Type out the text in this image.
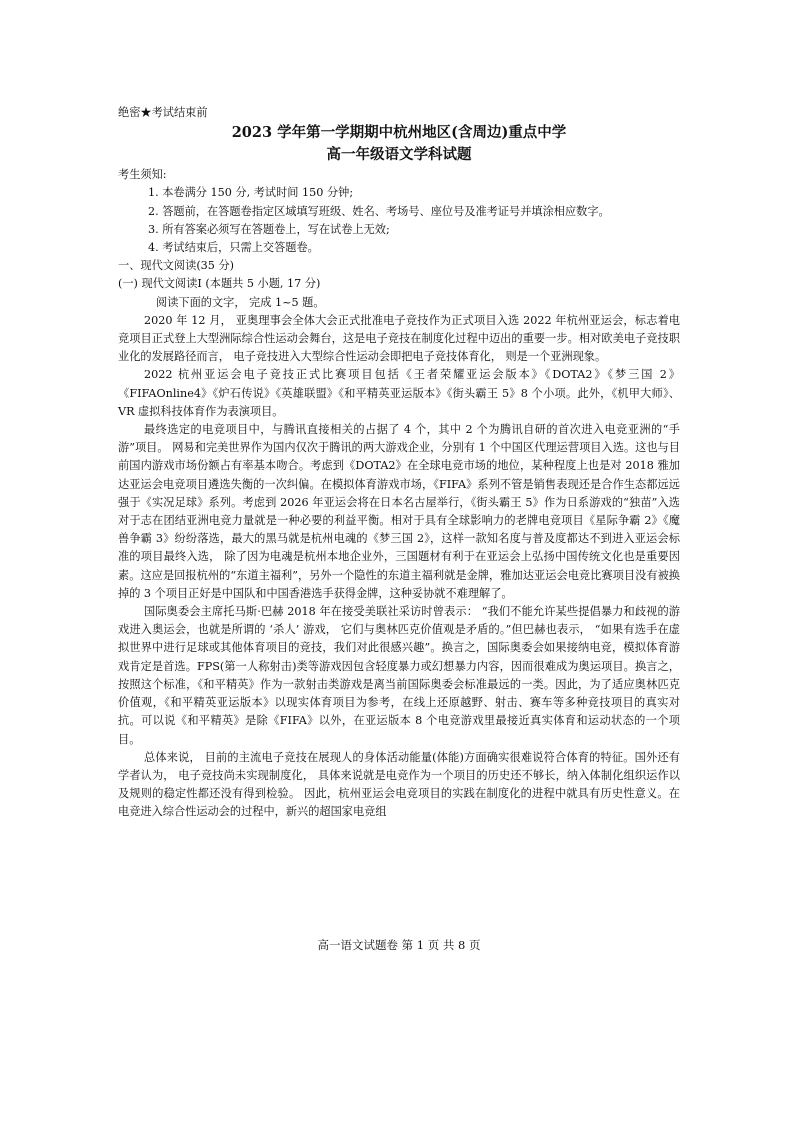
绝密★考试结束前

2023 学年第一学期期中杭州地区(含周边)重点中学

高一年级语文学科试题

考生须知:

1. 本卷满分 150 分, 考试时间 150 分钟;

2. 答题前，在答题卷指定区域填写班级、姓名、考场号、座位号及准考证号并填涂相应数字。

3. 所有答案必须写在答题卷上，写在试卷上无效;

4. 考试结束后，只需上交答题卷。

一、现代文阅读(35 分)

(一) 现代文阅读Ⅰ (本题共 5 小题, 17 分)

阅读下面的文字， 完成 1~5 题。

2020 年 12 月， 亚奥理事会全体大会正式批准电子竞技作为正式项目入选 2022 年杭州亚运会，标志着电竞项目正式登上大型洲际综合性运动会舞台，这是电子竞技在制度化过程中迈出的重要一步。相对欧美电子竞技职业化的发展路径而言， 电子竞技进入大型综合性运动会即把电子竞技体育化， 则是一个亚洲现象。

2022 杭州亚运会电子竞技正式比赛项目包括《王者荣耀亚运会版本》《DOTA2》《梦三国 2》《FIFAOnline4》《炉石传说》《英雄联盟》《和平精英亚运版本》《街头霸王 5》8 个小项。此外，《机甲大师》、VR 虚拟科技体育作为表演项目。

最终选定的电竞项目中，与腾讯直接相关的占据了 4 个，其中 2 个为腾讯自研的首次进入电竞亚洲的“手游”项目。 网易和完美世界作为国内仅次于腾讯的两大游戏企业，分别有 1 个中国区代理运营项目入选。这也与目前国内游戏市场份额占有率基本吻合。考虑到《DOTA2》在全球电竞市场的地位，某种程度上也是对 2018 雅加达亚运会电竞项目遴选失衡的一次纠偏。在模拟体育游戏市场，《FIFA》系列不管是销售表现还是合作生态都远远强于《实况足球》系列。考虑到 2026 年亚运会将在日本名古屋举行，《街头霸王 5》作为日系游戏的“独苗”入选对于志在团结亚洲电竞力量就是一种必要的利益平衡。相对于具有全球影响力的老牌电竞项目《星际争霸 2》《魔兽争霸 3》纷纷落选，最大的黑马就是杭州电魂的《梦三国 2》，这样一款知名度与普及度都达不到进入亚运会标准的项目最终入选， 除了因为电魂是杭州本地企业外，三国题材有利于在亚运会上弘扬中国传统文化也是重要因素。这应是回报杭州的“东道主福利”，另外一个隐性的东道主福利就是金牌，雅加达亚运会电竞比赛项目没有被换掉的 3 个项目正好是中国队和中国香港选手获得金牌，这种妥协就不难理解了。

国际奥委会主席托马斯·巴赫 2018 年在接受美联社采访时曾表示： “我们不能允许某些提倡暴力和歧视的游戏进入奥运会，也就是所谓的 ‘杀人’ 游戏， 它们与奥林匹克价值观是矛盾的。”但巴赫也表示， “如果有选手在虚拟世界中进行足球或其他体育项目的竞技，我们对此很感兴趣”。换言之，国际奥委会如果接纳电竞，模拟体育游戏肯定是首选。FPS(第一人称射击)类等游戏因包含轻度暴力或幻想暴力内容，因而很难成为奥运项目。换言之，按照这个标准，《和平精英》作为一款射击类游戏是离当前国际奥委会标准最远的一类。因此，为了适应奥林匹克价值观，《和平精英亚运版本》以现实体育项目为参考，在线上还原越野、射击、赛车等多种竞技项目的真实对抗。可以说《和平精英》是除《FIFA》以外，在亚运版本 8 个电竞游戏里最接近真实体育和运动状态的一个项目。

总体来说， 目前的主流电子竞技在展现人的身体活动能量(体能)方面确实很难说符合体育的特征。国外还有学者认为， 电子竞技尚未实现制度化， 具体来说就是电竞作为一个项目的历史还不够长，纳入体制化组织运作以及规则的稳定性都还没有得到检验。 因此，杭州亚运会电竞项目的实践在制度化的进程中就具有历史性意义。在电竞进入综合性运动会的过程中，新兴的超国家电竞组

高一语文试题卷 第 1 页 共 8 页
